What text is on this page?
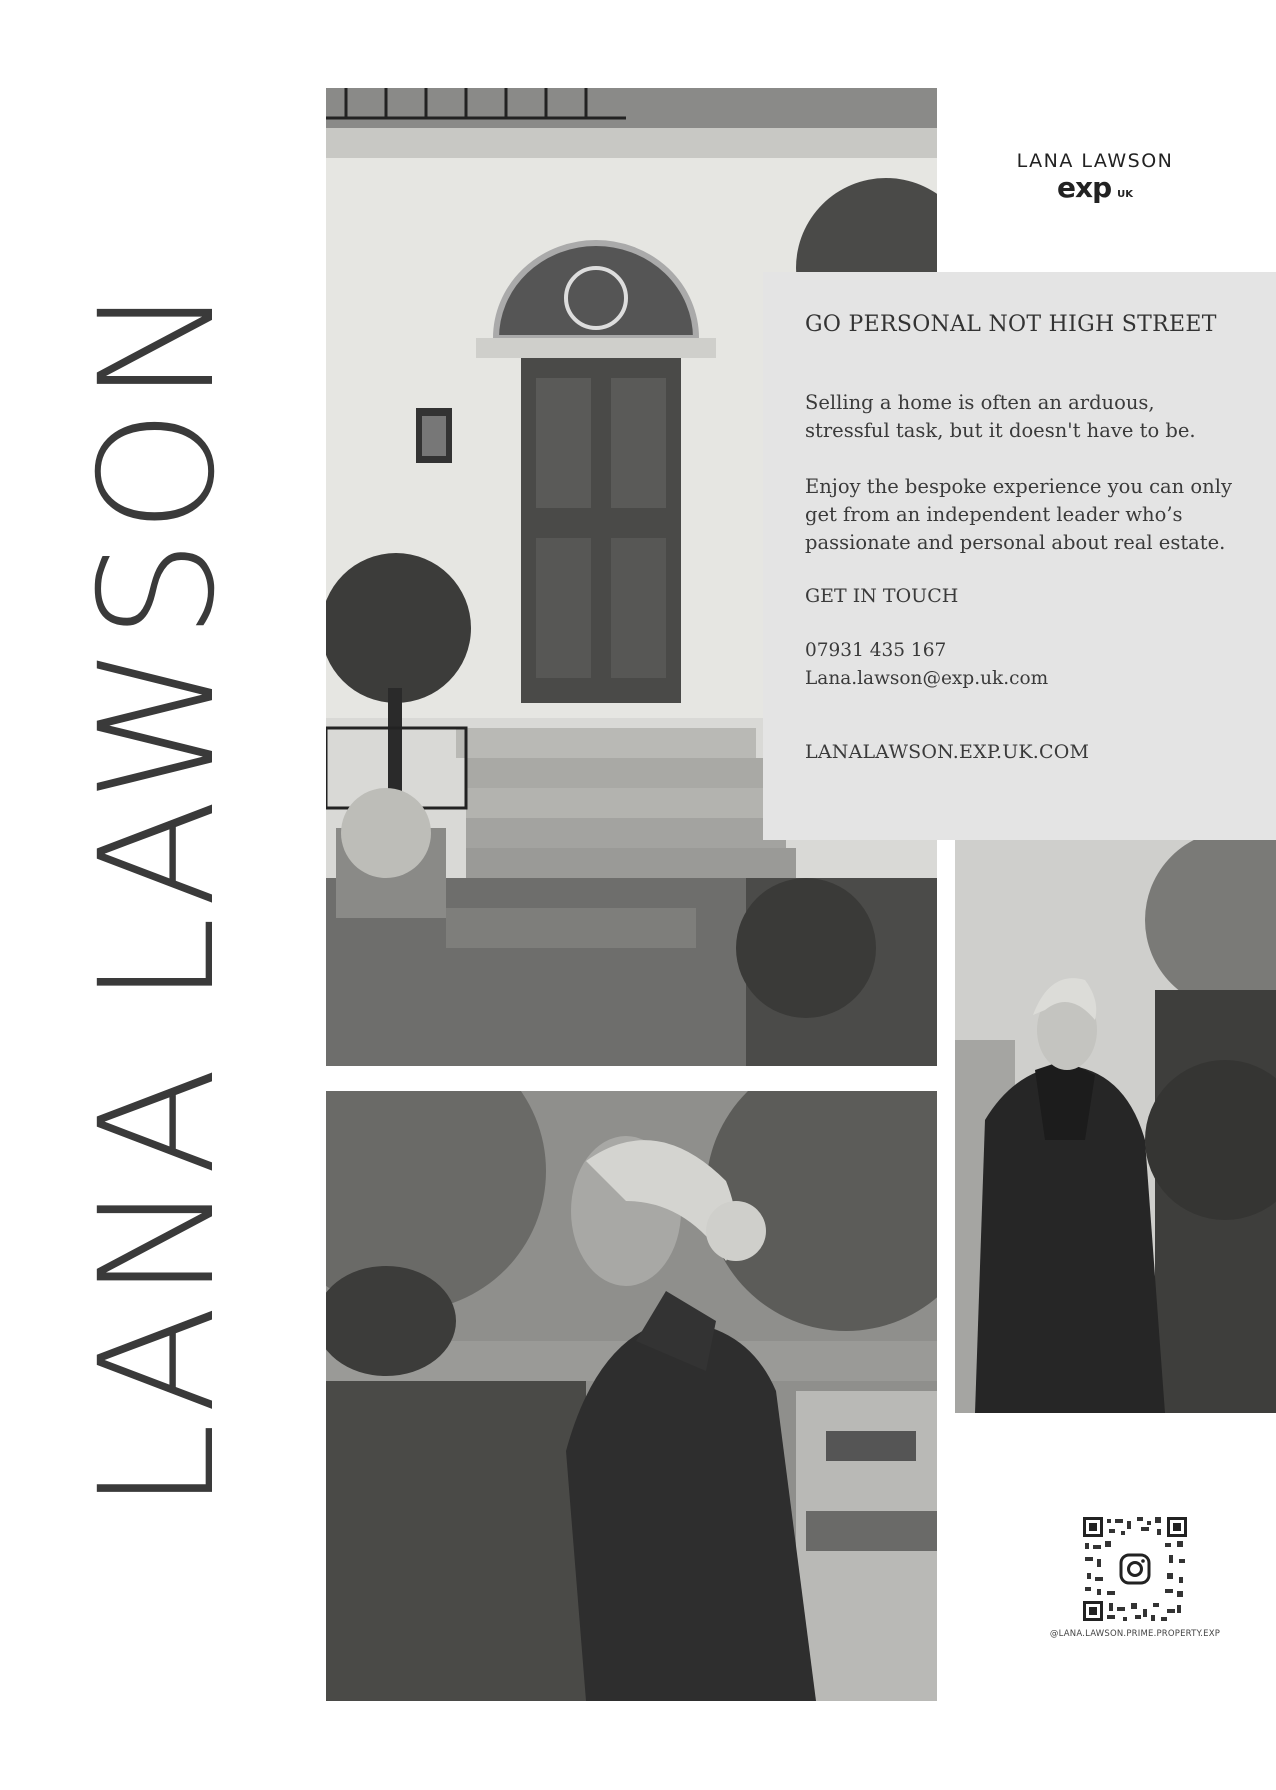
LANA LAWSON
LANA LAWSON
exp UK
GO PERSONAL NOT HIGH STREET

Selling a home is often an arduous, stressful task, but it doesn't have to be.

Enjoy the bespoke experience you can only get from an independent leader who’s passionate and personal about real estate.

GET IN TOUCH

07931 435 167
Lana.lawson@exp.uk.com

LANALAWSON.EXP.UK.COM

@LANA.LAWSON.PRIME.PROPERTY.EXP
